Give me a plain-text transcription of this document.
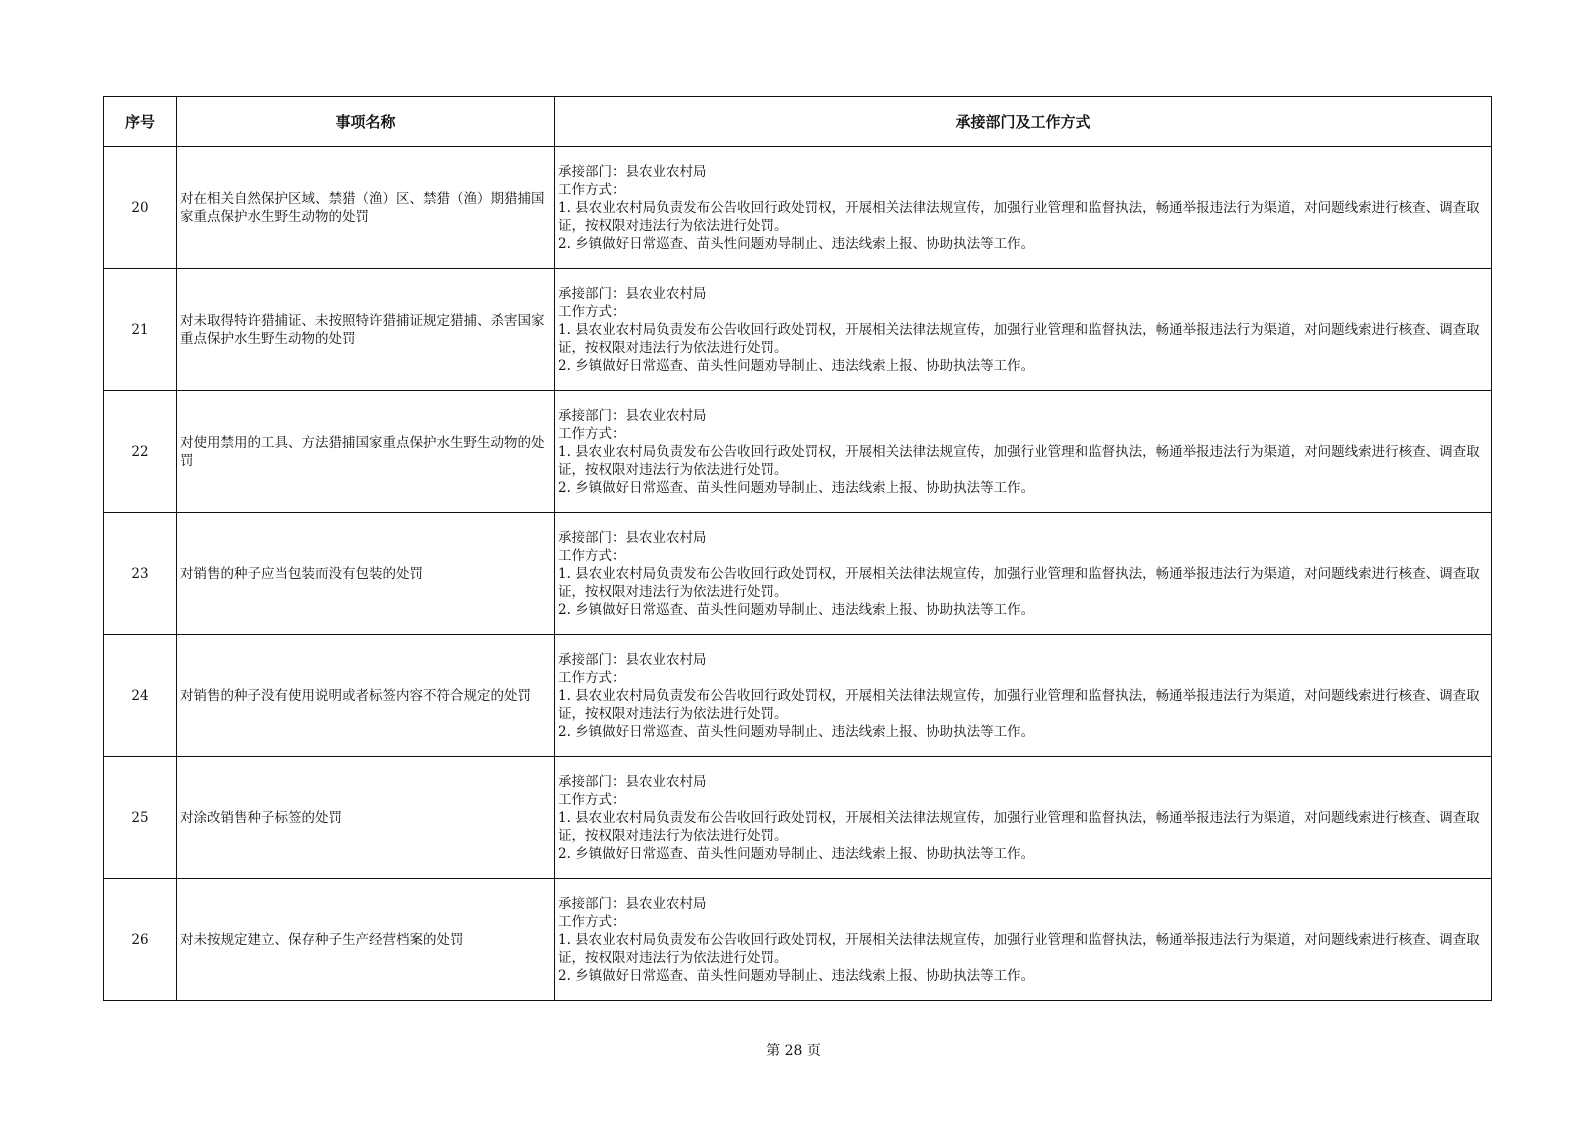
序号	事项名称	承接部门及工作方式
20	对在相关自然保护区域、禁猎（渔）区、禁猎（渔）期猎捕国家重点保护水生野生动物的处罚	承接部门：县农业农村局
工作方式：
1. 县农业农村局负责发布公告收回行政处罚权，开展相关法律法规宣传，加强行业管理和监督执法，畅通举报违法行为渠道，对问题线索进行核查、调查取证，按权限对违法行为依法进行处罚。
2. 乡镇做好日常巡查、苗头性问题劝导制止、违法线索上报、协助执法等工作。

21	对未取得特许猎捕证、未按照特许猎捕证规定猎捕、杀害国家重点保护水生野生动物的处罚	承接部门：县农业农村局
工作方式：
1. 县农业农村局负责发布公告收回行政处罚权，开展相关法律法规宣传，加强行业管理和监督执法，畅通举报违法行为渠道，对问题线索进行核查、调查取证，按权限对违法行为依法进行处罚。
2. 乡镇做好日常巡查、苗头性问题劝导制止、违法线索上报、协助执法等工作。

22	对使用禁用的工具、方法猎捕国家重点保护水生野生动物的处罚	承接部门：县农业农村局
工作方式：
1. 县农业农村局负责发布公告收回行政处罚权，开展相关法律法规宣传，加强行业管理和监督执法，畅通举报违法行为渠道，对问题线索进行核查、调查取证，按权限对违法行为依法进行处罚。
2. 乡镇做好日常巡查、苗头性问题劝导制止、违法线索上报、协助执法等工作。

23	对销售的种子应当包装而没有包装的处罚	承接部门：县农业农村局
工作方式：
1. 县农业农村局负责发布公告收回行政处罚权，开展相关法律法规宣传，加强行业管理和监督执法，畅通举报违法行为渠道，对问题线索进行核查、调查取证，按权限对违法行为依法进行处罚。
2. 乡镇做好日常巡查、苗头性问题劝导制止、违法线索上报、协助执法等工作。

24	对销售的种子没有使用说明或者标签内容不符合规定的处罚	承接部门：县农业农村局
工作方式：
1. 县农业农村局负责发布公告收回行政处罚权，开展相关法律法规宣传，加强行业管理和监督执法，畅通举报违法行为渠道，对问题线索进行核查、调查取证，按权限对违法行为依法进行处罚。
2. 乡镇做好日常巡查、苗头性问题劝导制止、违法线索上报、协助执法等工作。

25	对涂改销售种子标签的处罚	承接部门：县农业农村局
工作方式：
1. 县农业农村局负责发布公告收回行政处罚权，开展相关法律法规宣传，加强行业管理和监督执法，畅通举报违法行为渠道，对问题线索进行核查、调查取证，按权限对违法行为依法进行处罚。
2. 乡镇做好日常巡查、苗头性问题劝导制止、违法线索上报、协助执法等工作。

26	对未按规定建立、保存种子生产经营档案的处罚	承接部门：县农业农村局
工作方式：
1. 县农业农村局负责发布公告收回行政处罚权，开展相关法律法规宣传，加强行业管理和监督执法，畅通举报违法行为渠道，对问题线索进行核查、调查取证，按权限对违法行为依法进行处罚。
2. 乡镇做好日常巡查、苗头性问题劝导制止、违法线索上报、协助执法等工作。
第 28 页
